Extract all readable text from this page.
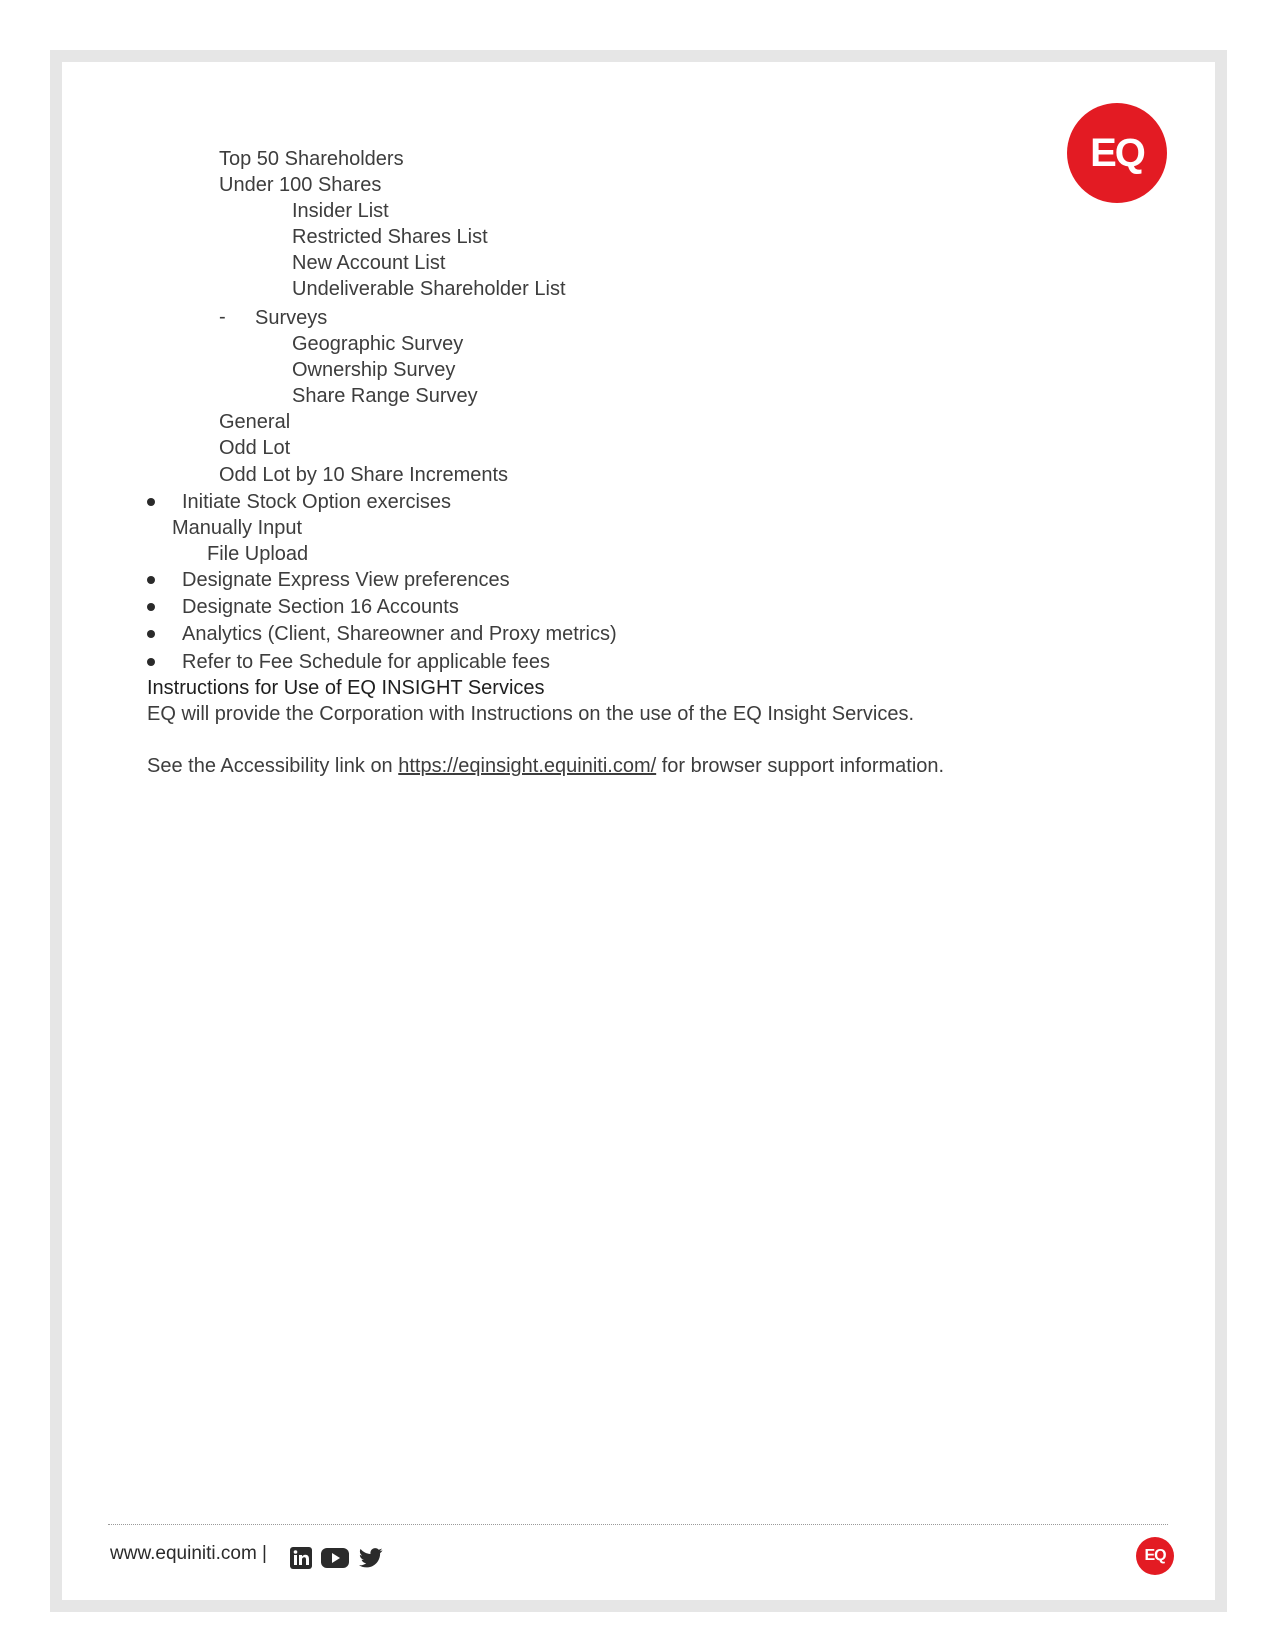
EQ
Top 50 Shareholders
Under 100 Shares
Insider List
Restricted Shares List
New Account List
Undeliverable Shareholder List
- Surveys
Geographic Survey
Ownership Survey
Share Range Survey
General
Odd Lot
Odd Lot by 10 Share Increments
Initiate Stock Option exercises
Manually Input
File Upload
Designate Express View preferences
Designate Section 16 Accounts
Analytics (Client, Shareowner and Proxy metrics)
Refer to Fee Schedule for applicable fees
Instructions for Use of EQ INSIGHT Services
EQ will provide the Corporation with Instructions on the use of the EQ Insight Services.
See the Accessibility link on https://eqinsight.equiniti.com/ for browser support information.
www.equiniti.com |	EQ
